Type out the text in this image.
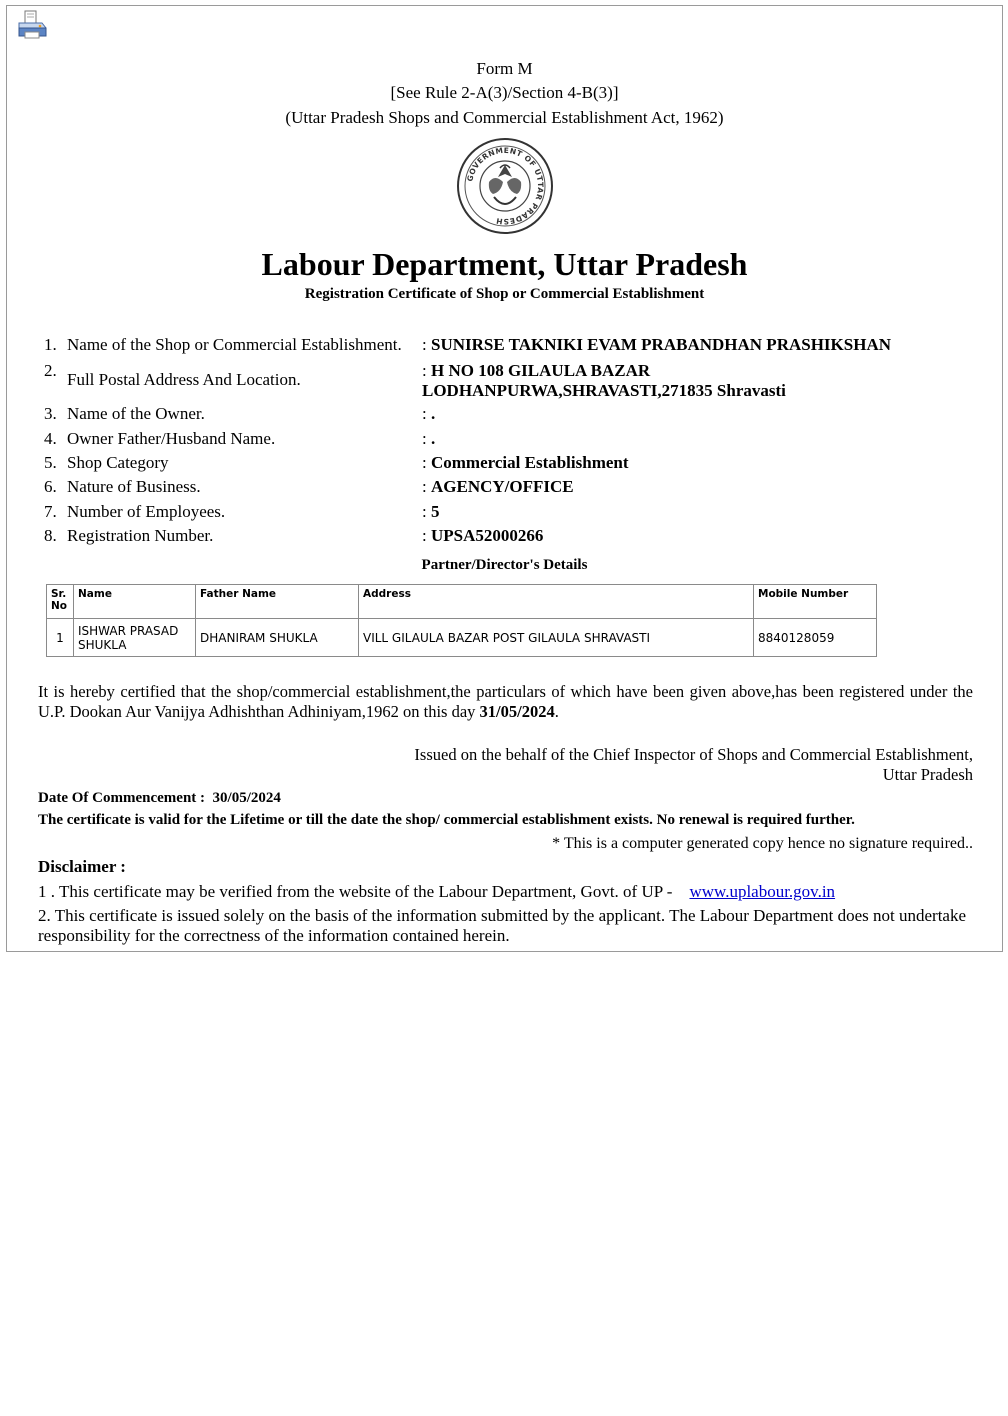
Form M
[See Rule 2-A(3)/Section 4-B(3)]
(Uttar Pradesh Shops and Commercial Establishment Act, 1962)
GOVERNMENT OF UTTAR PRADESH
Labour Department, Uttar Pradesh
Registration Certificate of Shop or Commercial Establishment
1. Name of the Shop or Commercial Establishment. : SUNIRSE TAKNIKI EVAM PRABANDHAN PRASHIKSHAN
2. Full Postal Address And Location.	: H NO 108 GILAULA BAZAR
LODHANPURWA,SHRAVASTI,271835 Shravasti
3. Name of the Owner.	: .
4. Owner Father/Husband Name.	: .
5. Shop Category	: Commercial Establishment
6. Nature of Business.	: AGENCY/OFFICE
7. Number of Employees.	: 5
8. Registration Number.	: UPSA52000266
Partner/Director's Details
Sr. No	Name	Father Name	Address	Mobile Number
1	ISHWAR PRASAD SHUKLA	DHANIRAM SHUKLA	VILL GILAULA BAZAR POST GILAULA SHRAVASTI	8840128059
It is hereby certified that the shop/commercial establishment,the particulars of which have been given above,has been registered under the U.P. Dookan Aur Vanijya Adhishthan Adhiniyam,1962 on this day 31/05/2024.
Issued on the behalf of the Chief Inspector of Shops and Commercial Establishment,
Uttar Pradesh
Date Of Commencement : 30/05/2024
The certificate is valid for the Lifetime or till the date the shop/ commercial establishment exists. No renewal is required further.
* This is a computer generated copy hence no signature required..
Disclaimer :
1 . This certificate may be verified from the website of the Labour Department, Govt. of UP - www.uplabour.gov.in
2. This certificate is issued solely on the basis of the information submitted by the applicant. The Labour Department does not undertake responsibility for the correctness of the information contained herein.
